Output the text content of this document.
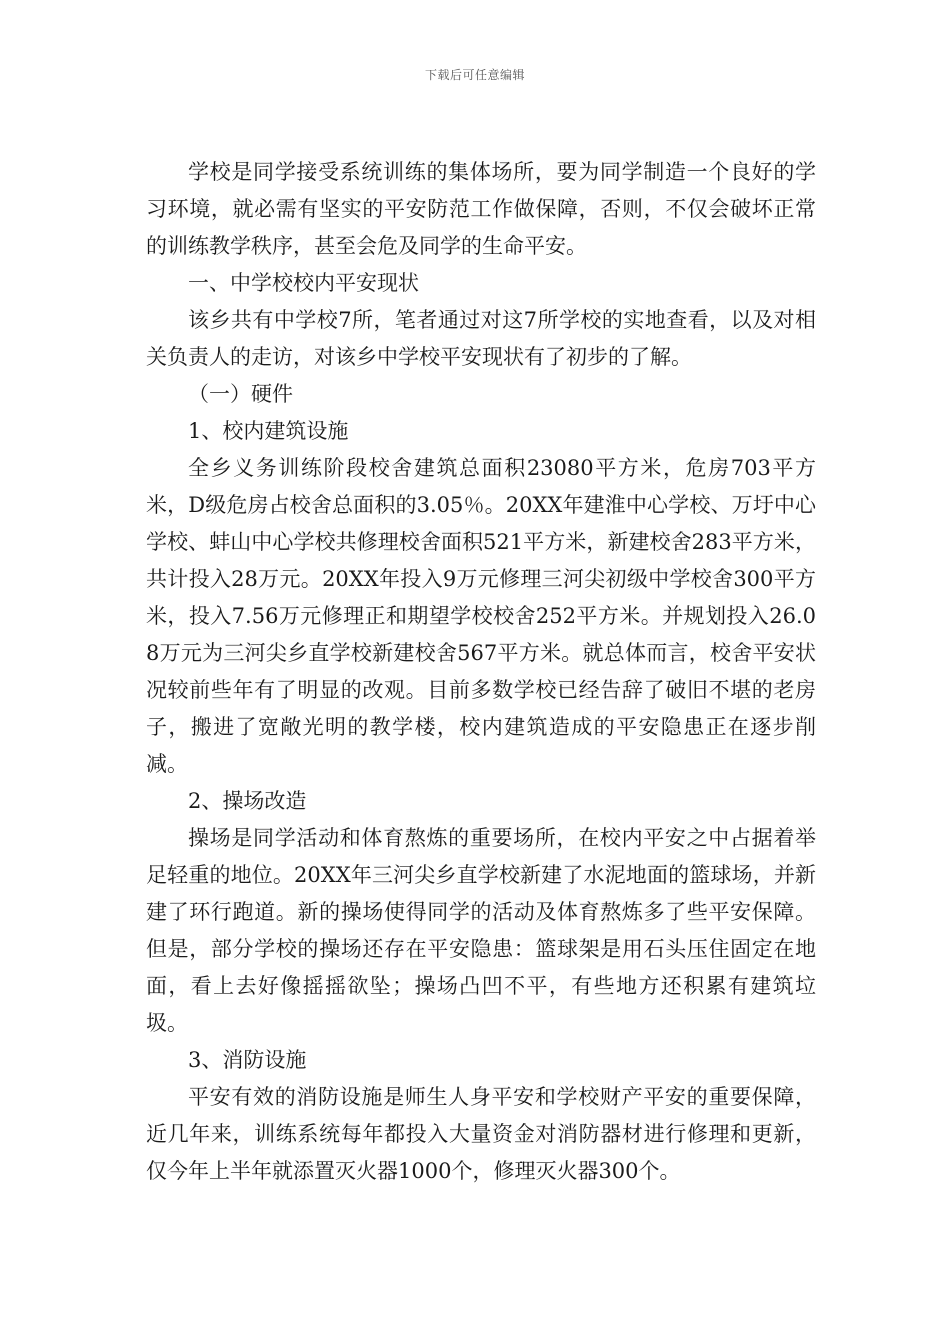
下载后可任意编辑

学校是同学接受系统训练的集体场所，要为同学制造一个良好的学习环境，就必需有坚实的平安防范工作做保障，否则，不仅会破坏正常的训练教学秩序，甚至会危及同学的生命平安。

一、中学校校内平安现状

该乡共有中学校7所，笔者通过对这7所学校的实地查看，以及对相关负责人的走访，对该乡中学校平安现状有了初步的了解。

（一）硬件

1、校内建筑设施

全乡义务训练阶段校舍建筑总面积23080平方米，危房703平方米，D级危房占校舍总面积的3.05％。20XX年建淮中心学校、万圩中心学校、蚌山中心学校共修理校舍面积521平方米，新建校舍283平方米，共计投入28万元。20XX年投入9万元修理三河尖初级中学校舍300平方米，投入7.56万元修理正和期望学校校舍252平方米。并规划投入26.08万元为三河尖乡直学校新建校舍567平方米。就总体而言，校舍平安状况较前些年有了明显的改观。目前多数学校已经告辞了破旧不堪的老房子，搬进了宽敞光明的教学楼，校内建筑造成的平安隐患正在逐步削减。

2、操场改造

操场是同学活动和体育熬炼的重要场所，在校内平安之中占据着举足轻重的地位。20XX年三河尖乡直学校新建了水泥地面的篮球场，并新建了环行跑道。新的操场使得同学的活动及体育熬炼多了些平安保障。但是，部分学校的操场还存在平安隐患：篮球架是用石头压住固定在地面，看上去好像摇摇欲坠；操场凸凹不平，有些地方还积累有建筑垃圾。

3、消防设施

平安有效的消防设施是师生人身平安和学校财产平安的重要保障，近几年来，训练系统每年都投入大量资金对消防器材进行修理和更新，仅今年上半年就添置灭火器1000个，修理灭火器300个。
